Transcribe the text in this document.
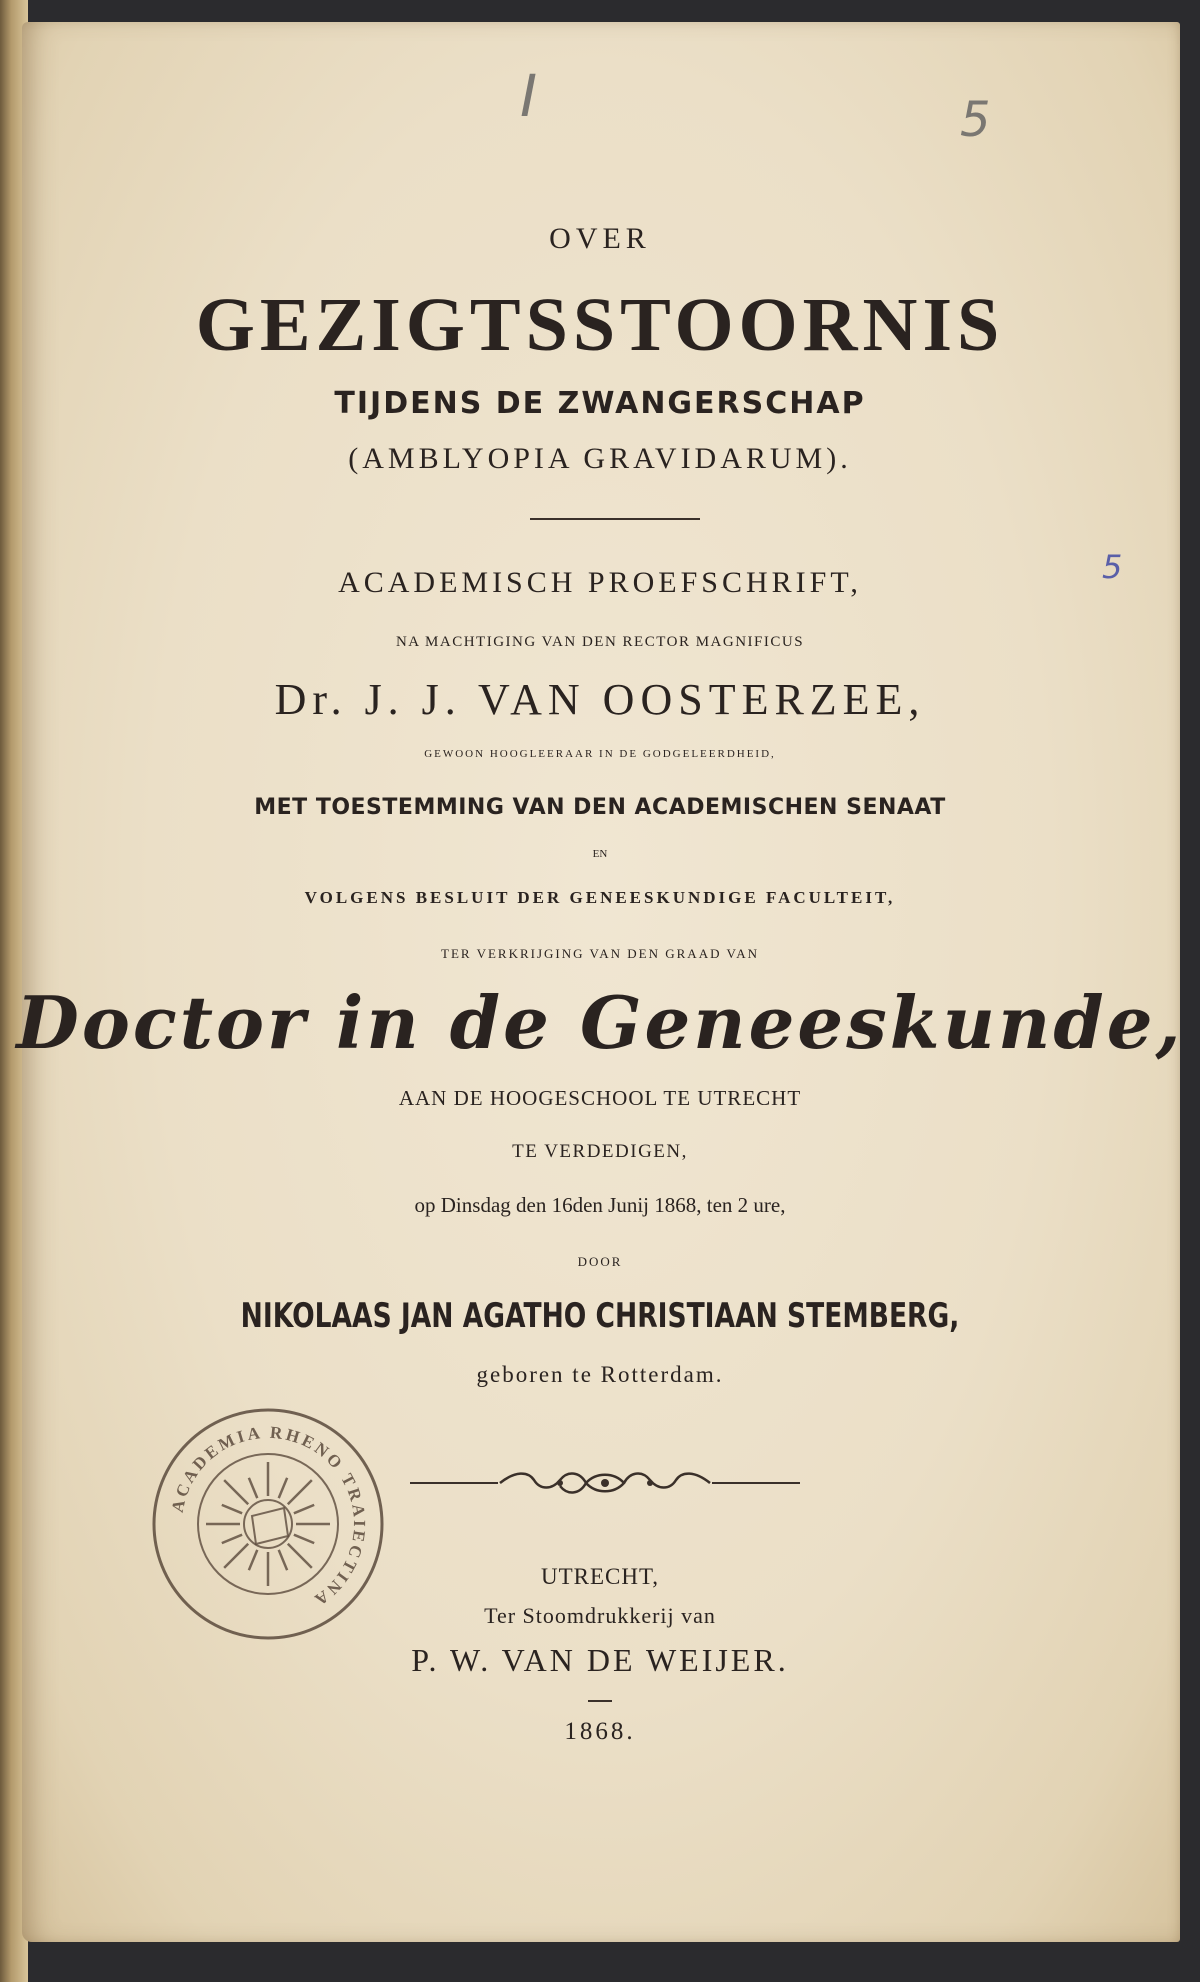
I	5
5
OVER
GEZIGTSSTOORNIS
TIJDENS DE ZWANGERSCHAP
(AMBLYOPIA GRAVIDARUM).
ACADEMISCH PROEFSCHRIFT,
NA MACHTIGING VAN DEN RECTOR MAGNIFICUS
Dr. J. J. VAN OOSTERZEE,
GEWOON HOOGLEERAAR IN DE GODGELEERDHEID,
MET TOESTEMMING VAN DEN ACADEMISCHEN SENAAT
EN
VOLGENS BESLUIT DER GENEESKUNDIGE FACULTEIT,
TER VERKRIJGING VAN DEN GRAAD VAN
Doctor in de Geneeskunde,
AAN DE HOOGESCHOOL TE UTRECHT
TE VERDEDIGEN,
op Dinsdag den 16den Junij 1868, ten 2 ure,
DOOR
NIKOLAAS JAN AGATHO CHRISTIAAN STEMBERG,
geboren te Rotterdam.
ACADEMIA RHENO TRAIECTINA
UTRECHT,
Ter Stoomdrukkerij van
P. W. VAN DE WEIJER.
1868.
